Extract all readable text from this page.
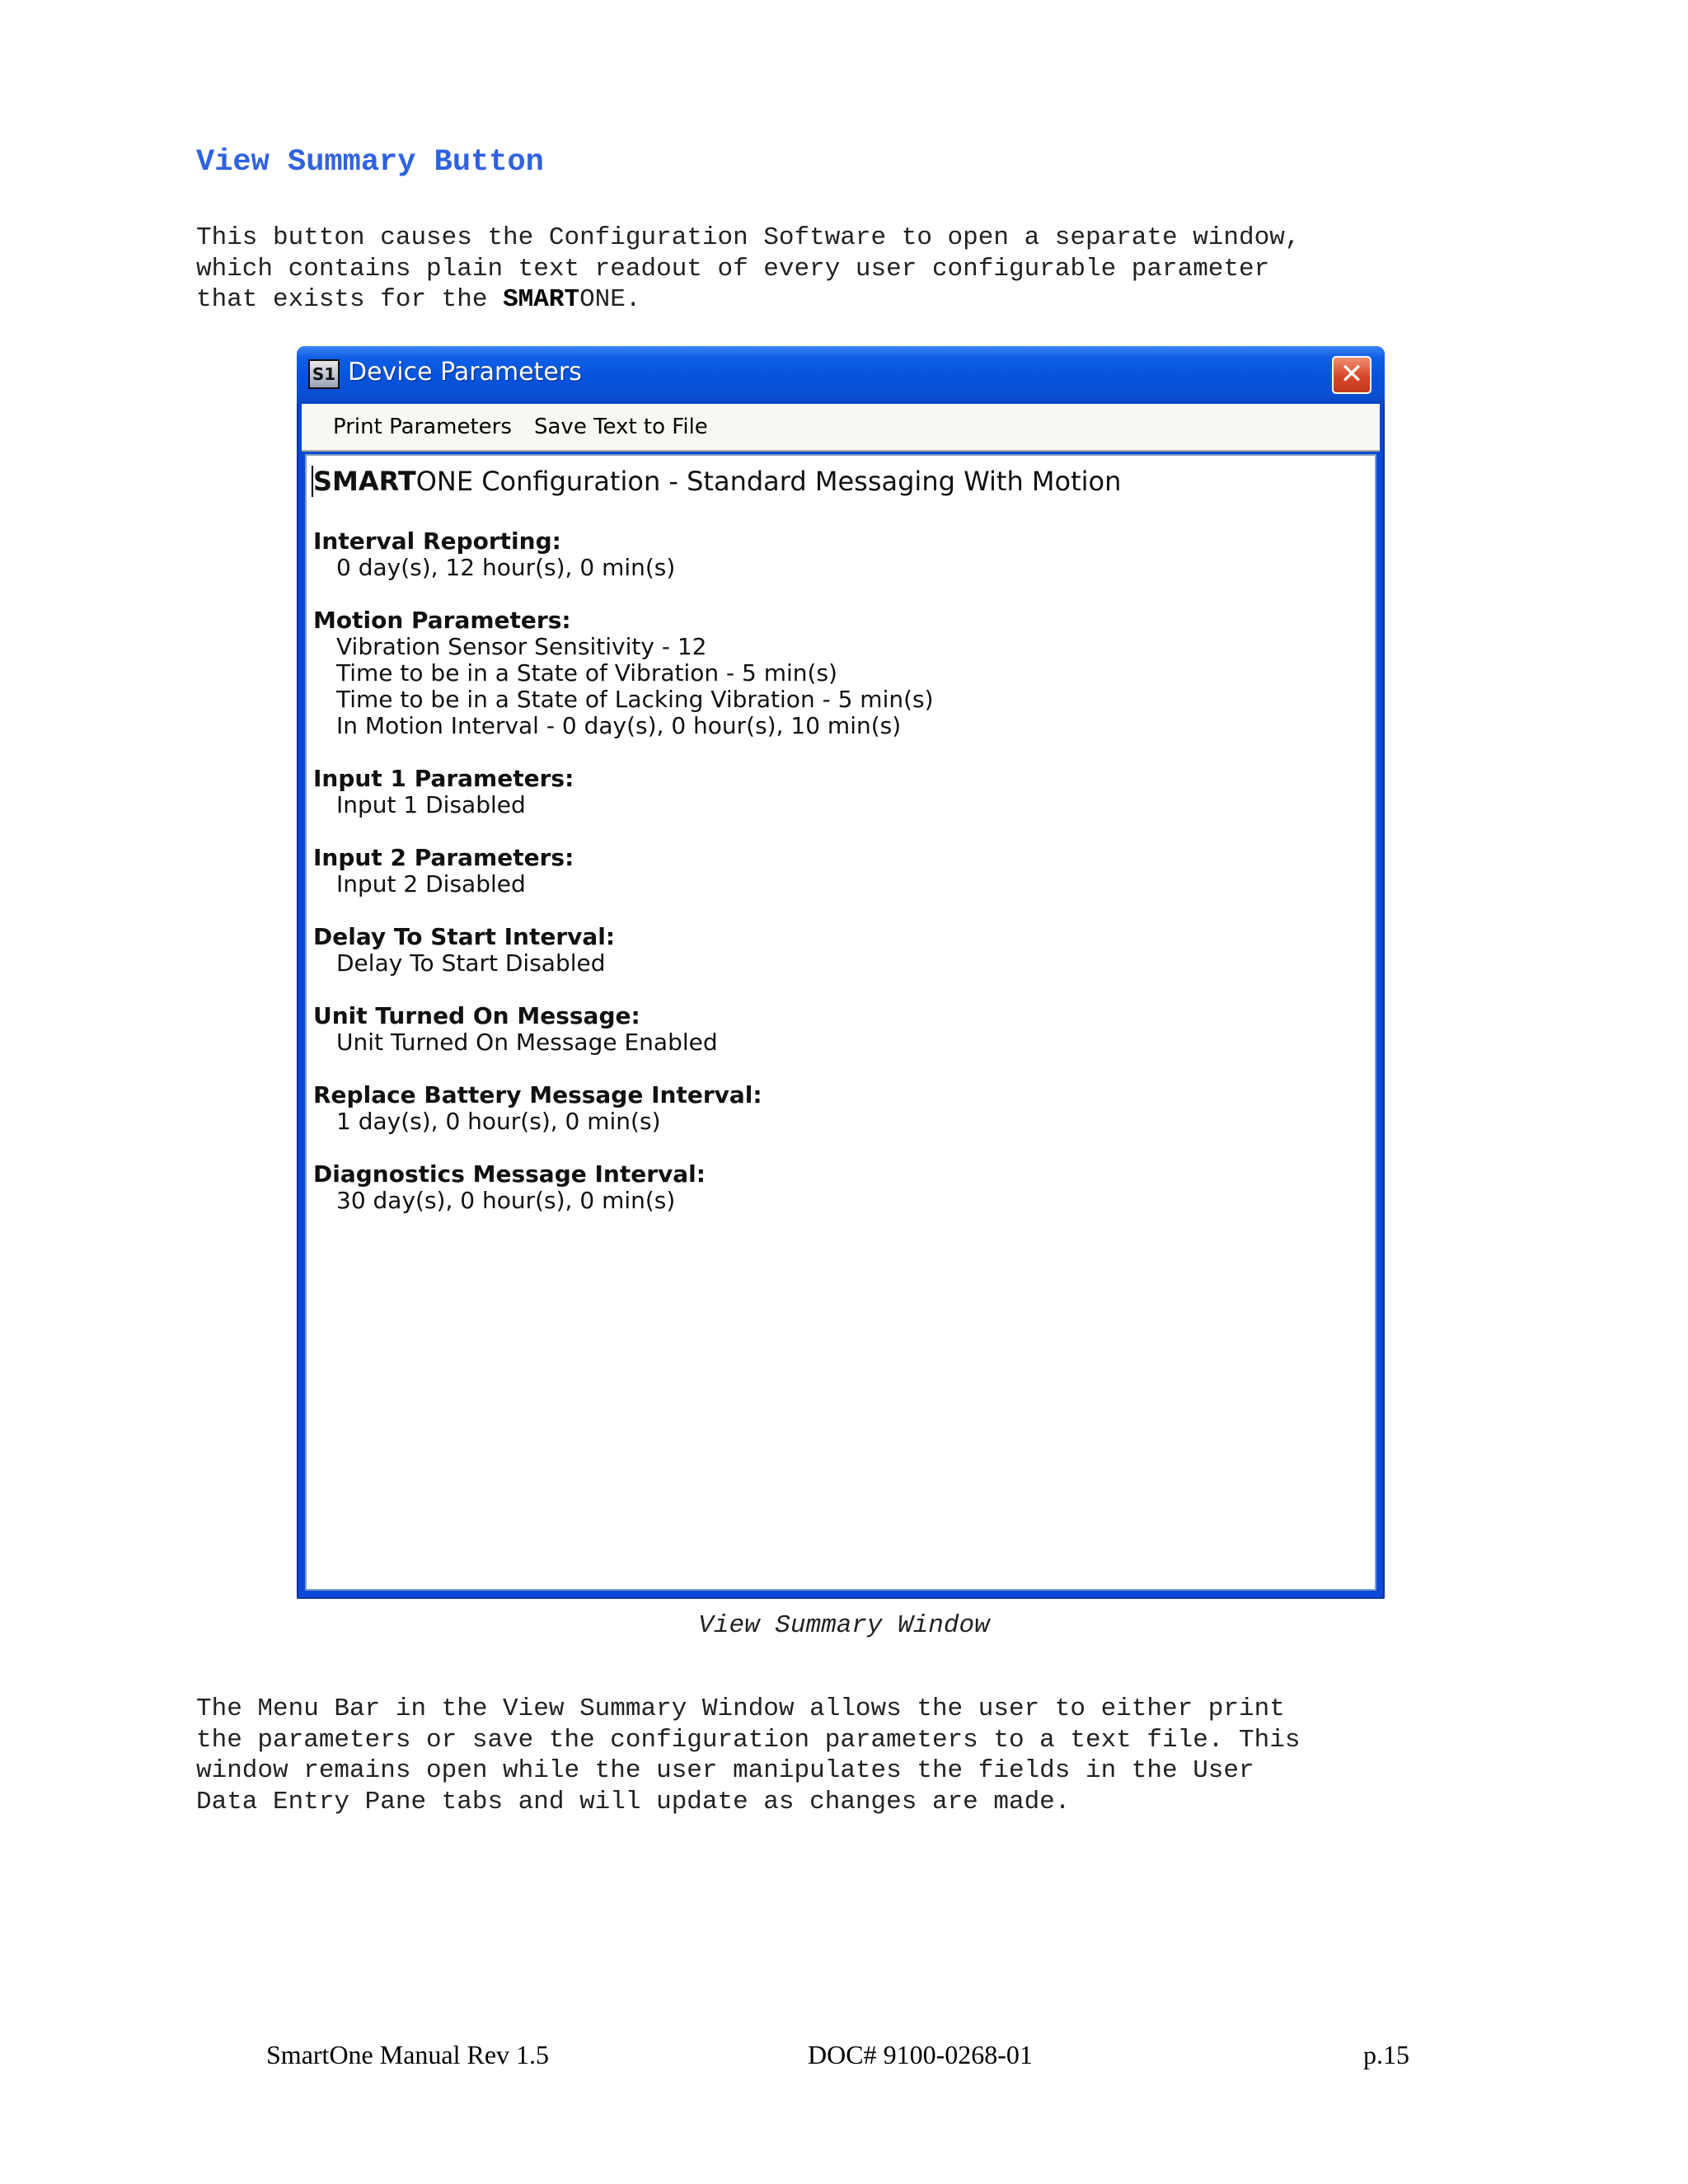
View Summary Button

This button causes the Configuration Software to open a separate window,
which contains plain text readout of every user configurable parameter
that exists for the SMARTONE.

S1 Device Parameters	✕
Print Parameters Save Text to File
SMARTONE Configuration - Standard Messaging With Motion
Interval Reporting:
0 day(s), 12 hour(s), 0 min(s)
Motion Parameters:
Vibration Sensor Sensitivity - 12
Time to be in a State of Vibration - 5 min(s)
Time to be in a State of Lacking Vibration - 5 min(s)
In Motion Interval - 0 day(s), 0 hour(s), 10 min(s)
Input 1 Parameters:
Input 1 Disabled
Input 2 Parameters:
Input 2 Disabled
Delay To Start Interval:
Delay To Start Disabled
Unit Turned On Message:
Unit Turned On Message Enabled
Replace Battery Message Interval:
1 day(s), 0 hour(s), 0 min(s)
Diagnostics Message Interval:
30 day(s), 0 hour(s), 0 min(s)
View Summary Window

The Menu Bar in the View Summary Window allows the user to either print
the parameters or save the configuration parameters to a text file. This
window remains open while the user manipulates the fields in the User
Data Entry Pane tabs and will update as changes are made.

SmartOne Manual Rev 1.5	DOC# 9100-0268-01	p.15
